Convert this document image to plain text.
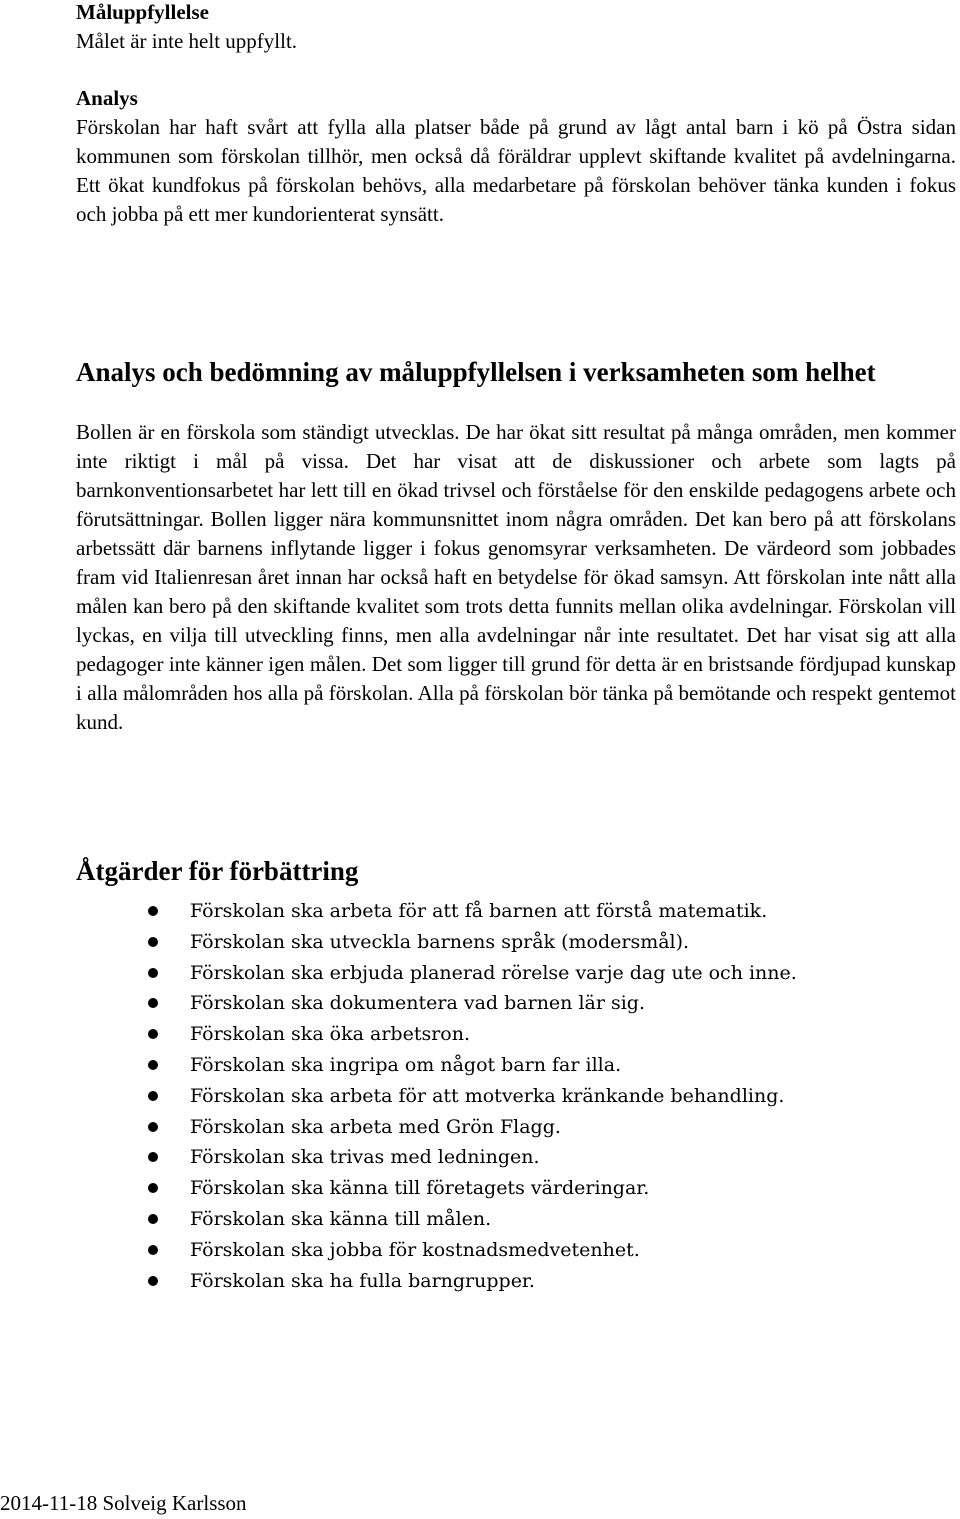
Måluppfyllelse

Målet är inte helt uppfyllt.

Analys

Förskolan har haft svårt att fylla alla platser både på grund av lågt antal barn i kö på Östra sidan kommunen som förskolan tillhör, men också då föräldrar upplevt skiftande kvalitet på avdelningarna. Ett ökat kundfokus på förskolan behövs, alla medarbetare på förskolan behöver tänka kunden i fokus och jobba på ett mer kundorienterat synsätt.

Analys och bedömning av måluppfyllelsen i verksamheten som helhet

Bollen är en förskola som ständigt utvecklas. De har ökat sitt resultat på många områden, men kommer inte riktigt i mål på vissa. Det har visat att de diskussioner och arbete som lagts på barnkonventionsarbetet har lett till en ökad trivsel och förståelse för den enskilde pedagogens arbete och förutsättningar. Bollen ligger nära kommunsnittet inom några områden. Det kan bero på att förskolans arbetssätt där barnens inflytande ligger i fokus genomsyrar verksamheten. De värdeord som jobbades fram vid Italienresan året innan har också haft en betydelse för ökad samsyn. Att förskolan inte nått alla målen kan bero på den skiftande kvalitet som trots detta funnits mellan olika avdelningar. Förskolan vill lyckas, en vilja till utveckling finns, men alla avdelningar når inte resultatet. Det har visat sig att alla pedagoger inte känner igen målen. Det som ligger till grund för detta är en bristsande fördjupad kunskap i alla målområden hos alla på förskolan. Alla på förskolan bör tänka på bemötande och respekt gentemot kund.

Åtgärder för förbättring
Förskolan ska arbeta för att få barnen att förstå matematik.
Förskolan ska utveckla barnens språk (modersmål).
Förskolan ska erbjuda planerad rörelse varje dag ute och inne.
Förskolan ska dokumentera vad barnen lär sig.
Förskolan ska öka arbetsron.
Förskolan ska ingripa om något barn far illa.
Förskolan ska arbeta för att motverka kränkande behandling.
Förskolan ska arbeta med Grön Flagg.
Förskolan ska trivas med ledningen.
Förskolan ska känna till företagets värderingar.
Förskolan ska känna till målen.
Förskolan ska jobba för kostnadsmedvetenhet.
Förskolan ska ha fulla barngrupper.
2014-11-18 Solveig Karlsson
